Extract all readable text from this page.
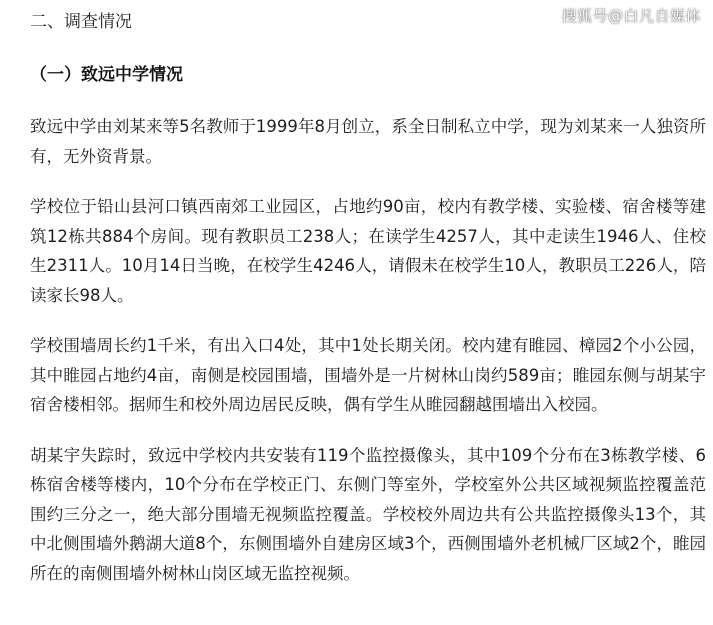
二、调查情况	搜狐号@白凡自媒体
（一）致远中学情况

致远中学由刘某来等5名教师于1999年8月创立，系全日制私立中学，现为刘某来一人独资所有，无外资背景。

学校位于铅山县河口镇西南郊工业园区，占地约90亩，校内有教学楼、实验楼、宿舍楼等建筑12栋共884个房间。现有教职员工238人；在读学生4257人，其中走读生1946人、住校生2311人。10月14日当晚，在校学生4246人，请假未在校学生10人，教职员工226人，陪读家长98人。

学校围墙周长约1千米，有出入口4处，其中1处长期关闭。校内建有睢园、樟园2个小公园，其中睢园占地约4亩，南侧是校园围墙，围墙外是一片树林山岗约589亩；睢园东侧与胡某宇宿舍楼相邻。据师生和校外周边居民反映，偶有学生从睢园翻越围墙出入校园。

胡某宇失踪时，致远中学校内共安装有119个监控摄像头，其中109个分布在3栋教学楼、6栋宿舍楼等楼内，10个分布在学校正门、东侧门等室外，学校室外公共区域视频监控覆盖范围约三分之一，绝大部分围墙无视频监控覆盖。学校校外周边共有公共监控摄像头13个，其中北侧围墙外鹅湖大道8个，东侧围墙外自建房区域3个，西侧围墙外老机械厂区域2个，睢园所在的南侧围墙外树林山岗区域无监控视频。
